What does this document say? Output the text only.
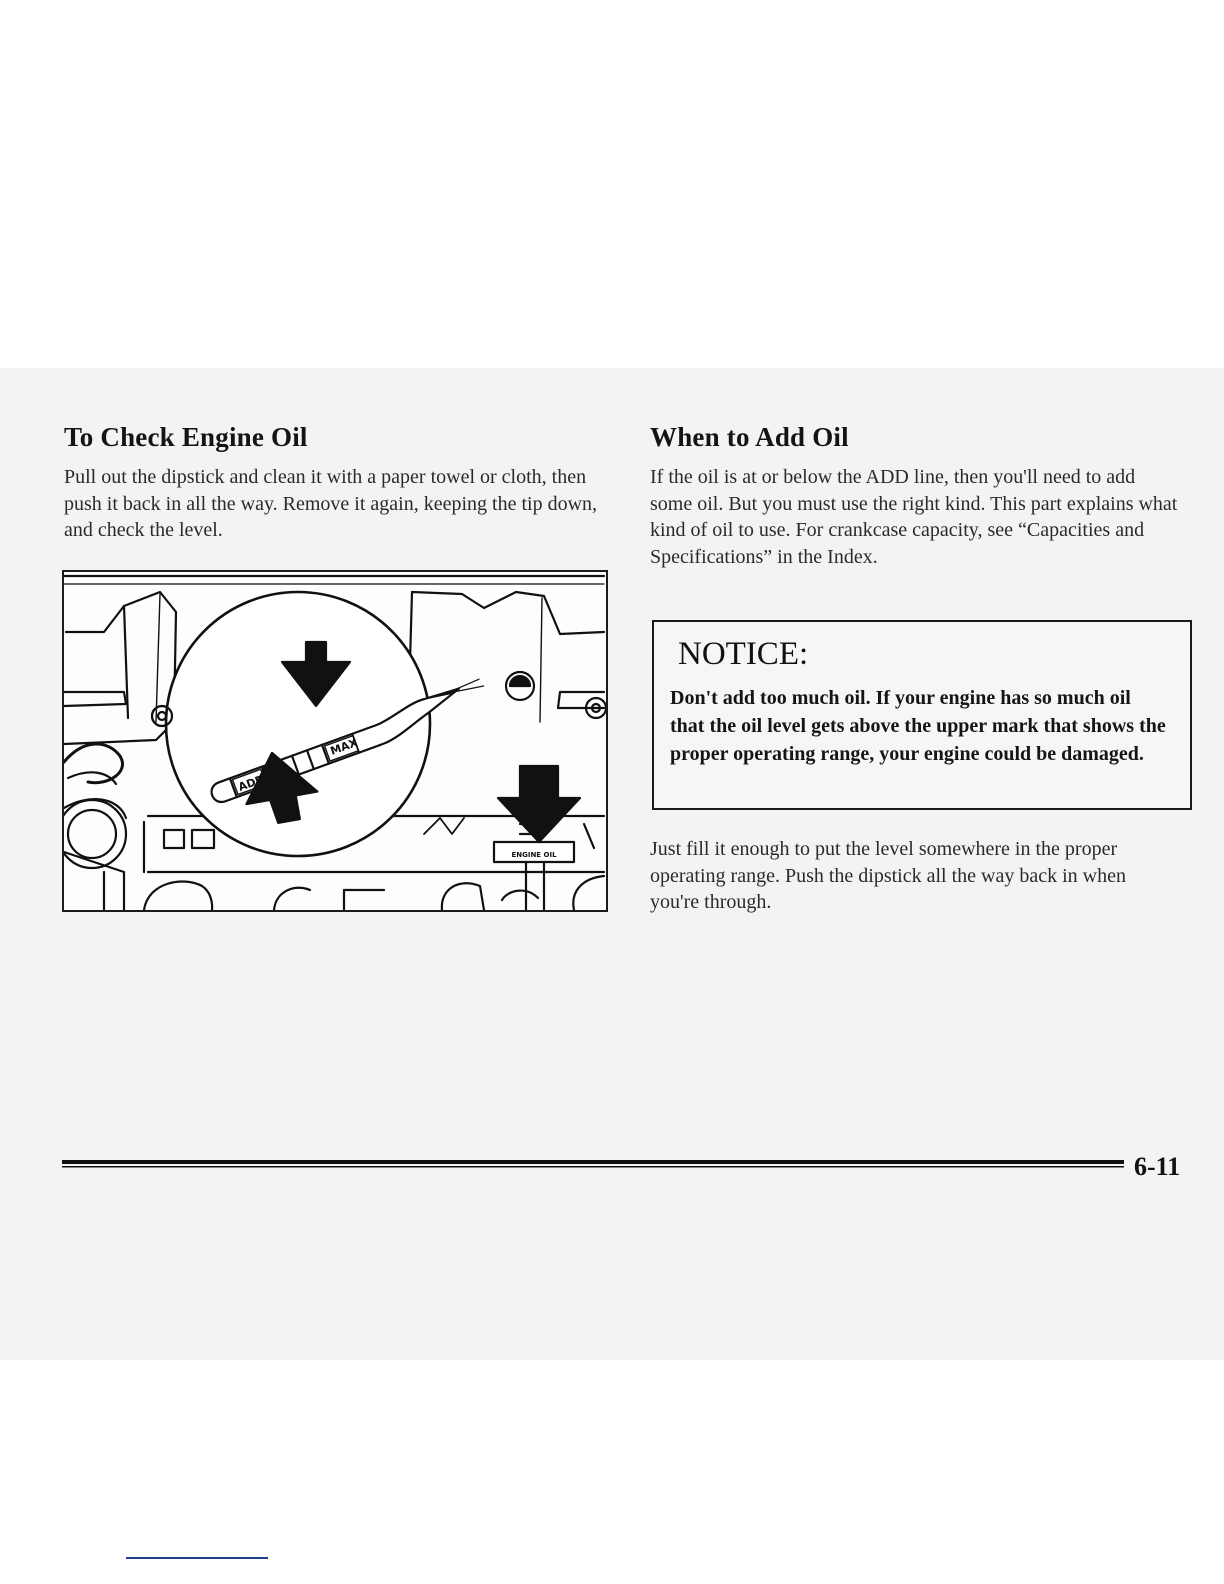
To Check Engine Oil

Pull out the dipstick and clean it with a paper towel or cloth, then push it back in all the way. Remove it again, keeping the tip down, and check the level.

ADD
MAX
ENGINE OIL
When to Add Oil

If the oil is at or below the ADD line, then you'll need to add some oil. But you must use the right kind. This part explains what kind of oil to use. For crankcase capacity, see “Capacities and Specifications” in the Index.

NOTICE:

Don't add too much oil. If your engine has so much oil that the oil level gets above the upper mark that shows the proper operating range, your engine could be damaged.

Just fill it enough to put the level somewhere in the proper operating range. Push the dipstick all the way back in when you're through.

6-11
